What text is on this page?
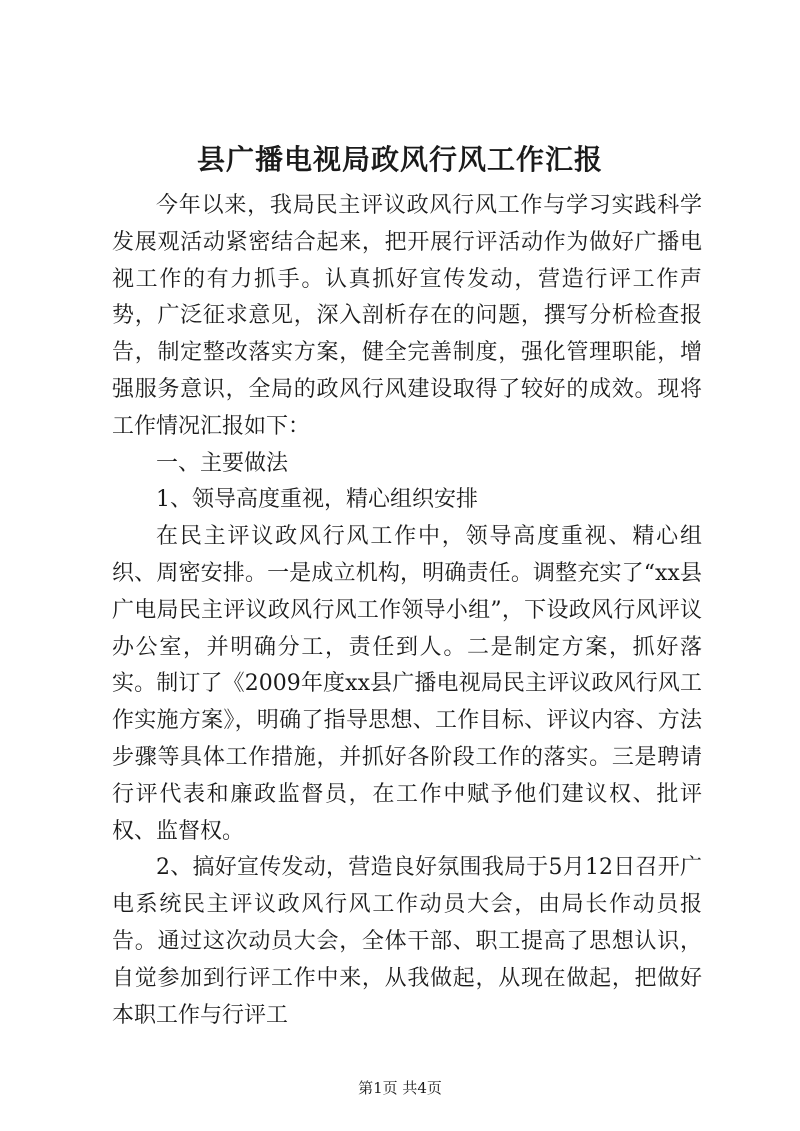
县广播电视局政风行风工作汇报

今年以来，我局民主评议政风行风工作与学习实践科学发展观活动紧密结合起来，把开展行评活动作为做好广播电视工作的有力抓手。认真抓好宣传发动，营造行评工作声势，广泛征求意见，深入剖析存在的问题，撰写分析检查报告，制定整改落实方案，健全完善制度，强化管理职能，增强服务意识，全局的政风行风建设取得了较好的成效。现将工作情况汇报如下：

一、主要做法

1、领导高度重视，精心组织安排

在民主评议政风行风工作中，领导高度重视、精心组织、周密安排。一是成立机构，明确责任。调整充实了“xx县广电局民主评议政风行风工作领导小组”，下设政风行风评议办公室，并明确分工，责任到人。二是制定方案，抓好落实。制订了《2009年度xx县广播电视局民主评议政风行风工作实施方案》，明确了指导思想、工作目标、评议内容、方法步骤等具体工作措施，并抓好各阶段工作的落实。三是聘请行评代表和廉政监督员，在工作中赋予他们建议权、批评权、监督权。

2、搞好宣传发动，营造良好氛围我局于5月12日召开广电系统民主评议政风行风工作动员大会，由局长作动员报告。通过这次动员大会，全体干部、职工提高了思想认识，自觉参加到行评工作中来，从我做起，从现在做起，把做好本职工作与行评工

第1页 共4页
